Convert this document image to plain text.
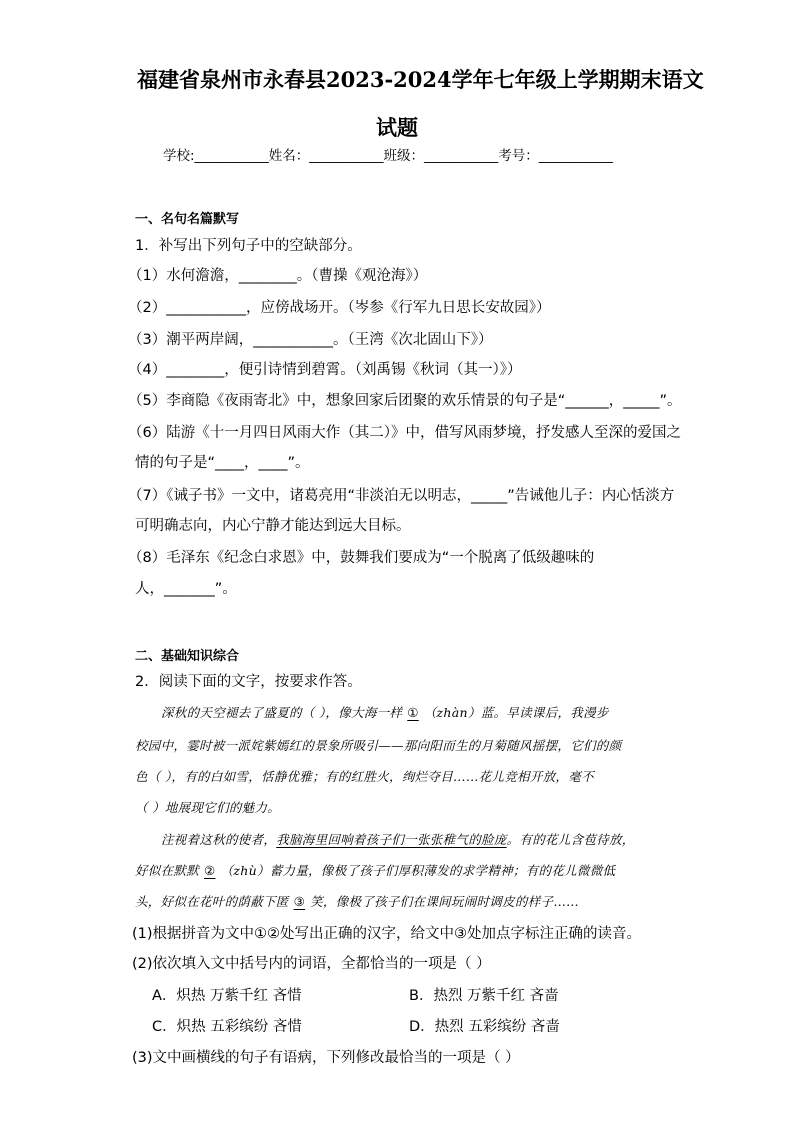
福建省泉州市永春县2023-2024学年七年级上学期期末语文
试题
学校:___________姓名：___________班级：___________考号：___________
一、名句名篇默写
1．补写出下列句子中的空缺部分。
（1）水何澹澹，________。（曹操《观沧海》）
（2）___________，应傍战场开。（岑参《行军九日思长安故园》）
（3）潮平两岸阔，___________。（王湾《次北固山下》）
（4）________，便引诗情到碧霄。（刘禹锡《秋词（其一）》）
（5）李商隐《夜雨寄北》中，想象回家后团聚的欢乐情景的句子是“______，_____”。
（6）陆游《十一月四日风雨大作（其二）》中，借写风雨梦境，抒发感人至深的爱国之
情的句子是“____，____”。
（7）《诫子书》一文中，诸葛亮用“非淡泊无以明志，_____”告诫他儿子：内心恬淡方
可明确志向，内心宁静才能达到远大目标。
（8）毛泽东《纪念白求恩》中，鼓舞我们要成为“一个脱离了低级趣味的
人，_______”。
二、基础知识综合
2．阅读下面的文字，按要求作答。
深秋的天空褪去了盛夏的（ ），像大海一样 ① （zhàn）蓝。早读课后，我漫步
校园中，霎时被一派姹紫嫣红的景象所吸引——那向阳而生的月菊随风摇摆，它们的颜
色（ ），有的白如雪，恬静优雅；有的红胜火，绚烂夺目……花儿竞相开放，毫不
（ ）地展现它们的魅力。
注视着这秋的使者，我脑海里回响着孩子们一张张稚气的脸庞。有的花儿含苞待放，
好似在默默 ② （zhù）蓄力量，像极了孩子们厚积薄发的求学精神；有的花儿微微低
头，好似在花叶的荫蔽下匿 ③ 笑，像极了孩子们在课间玩闹时调皮的样子……
(1)根据拼音为文中①②处写出正确的汉字，给文中③处加点字标注正确的读音。
(2)依次填入文中括号内的词语，全都恰当的一项是（ ）
A．炽热 万紫千红 吝惜	B．热烈 万紫千红 吝啬
C．炽热 五彩缤纷 吝惜	D．热烈 五彩缤纷 吝啬
(3)文中画横线的句子有语病，下列修改最恰当的一项是（ ）
